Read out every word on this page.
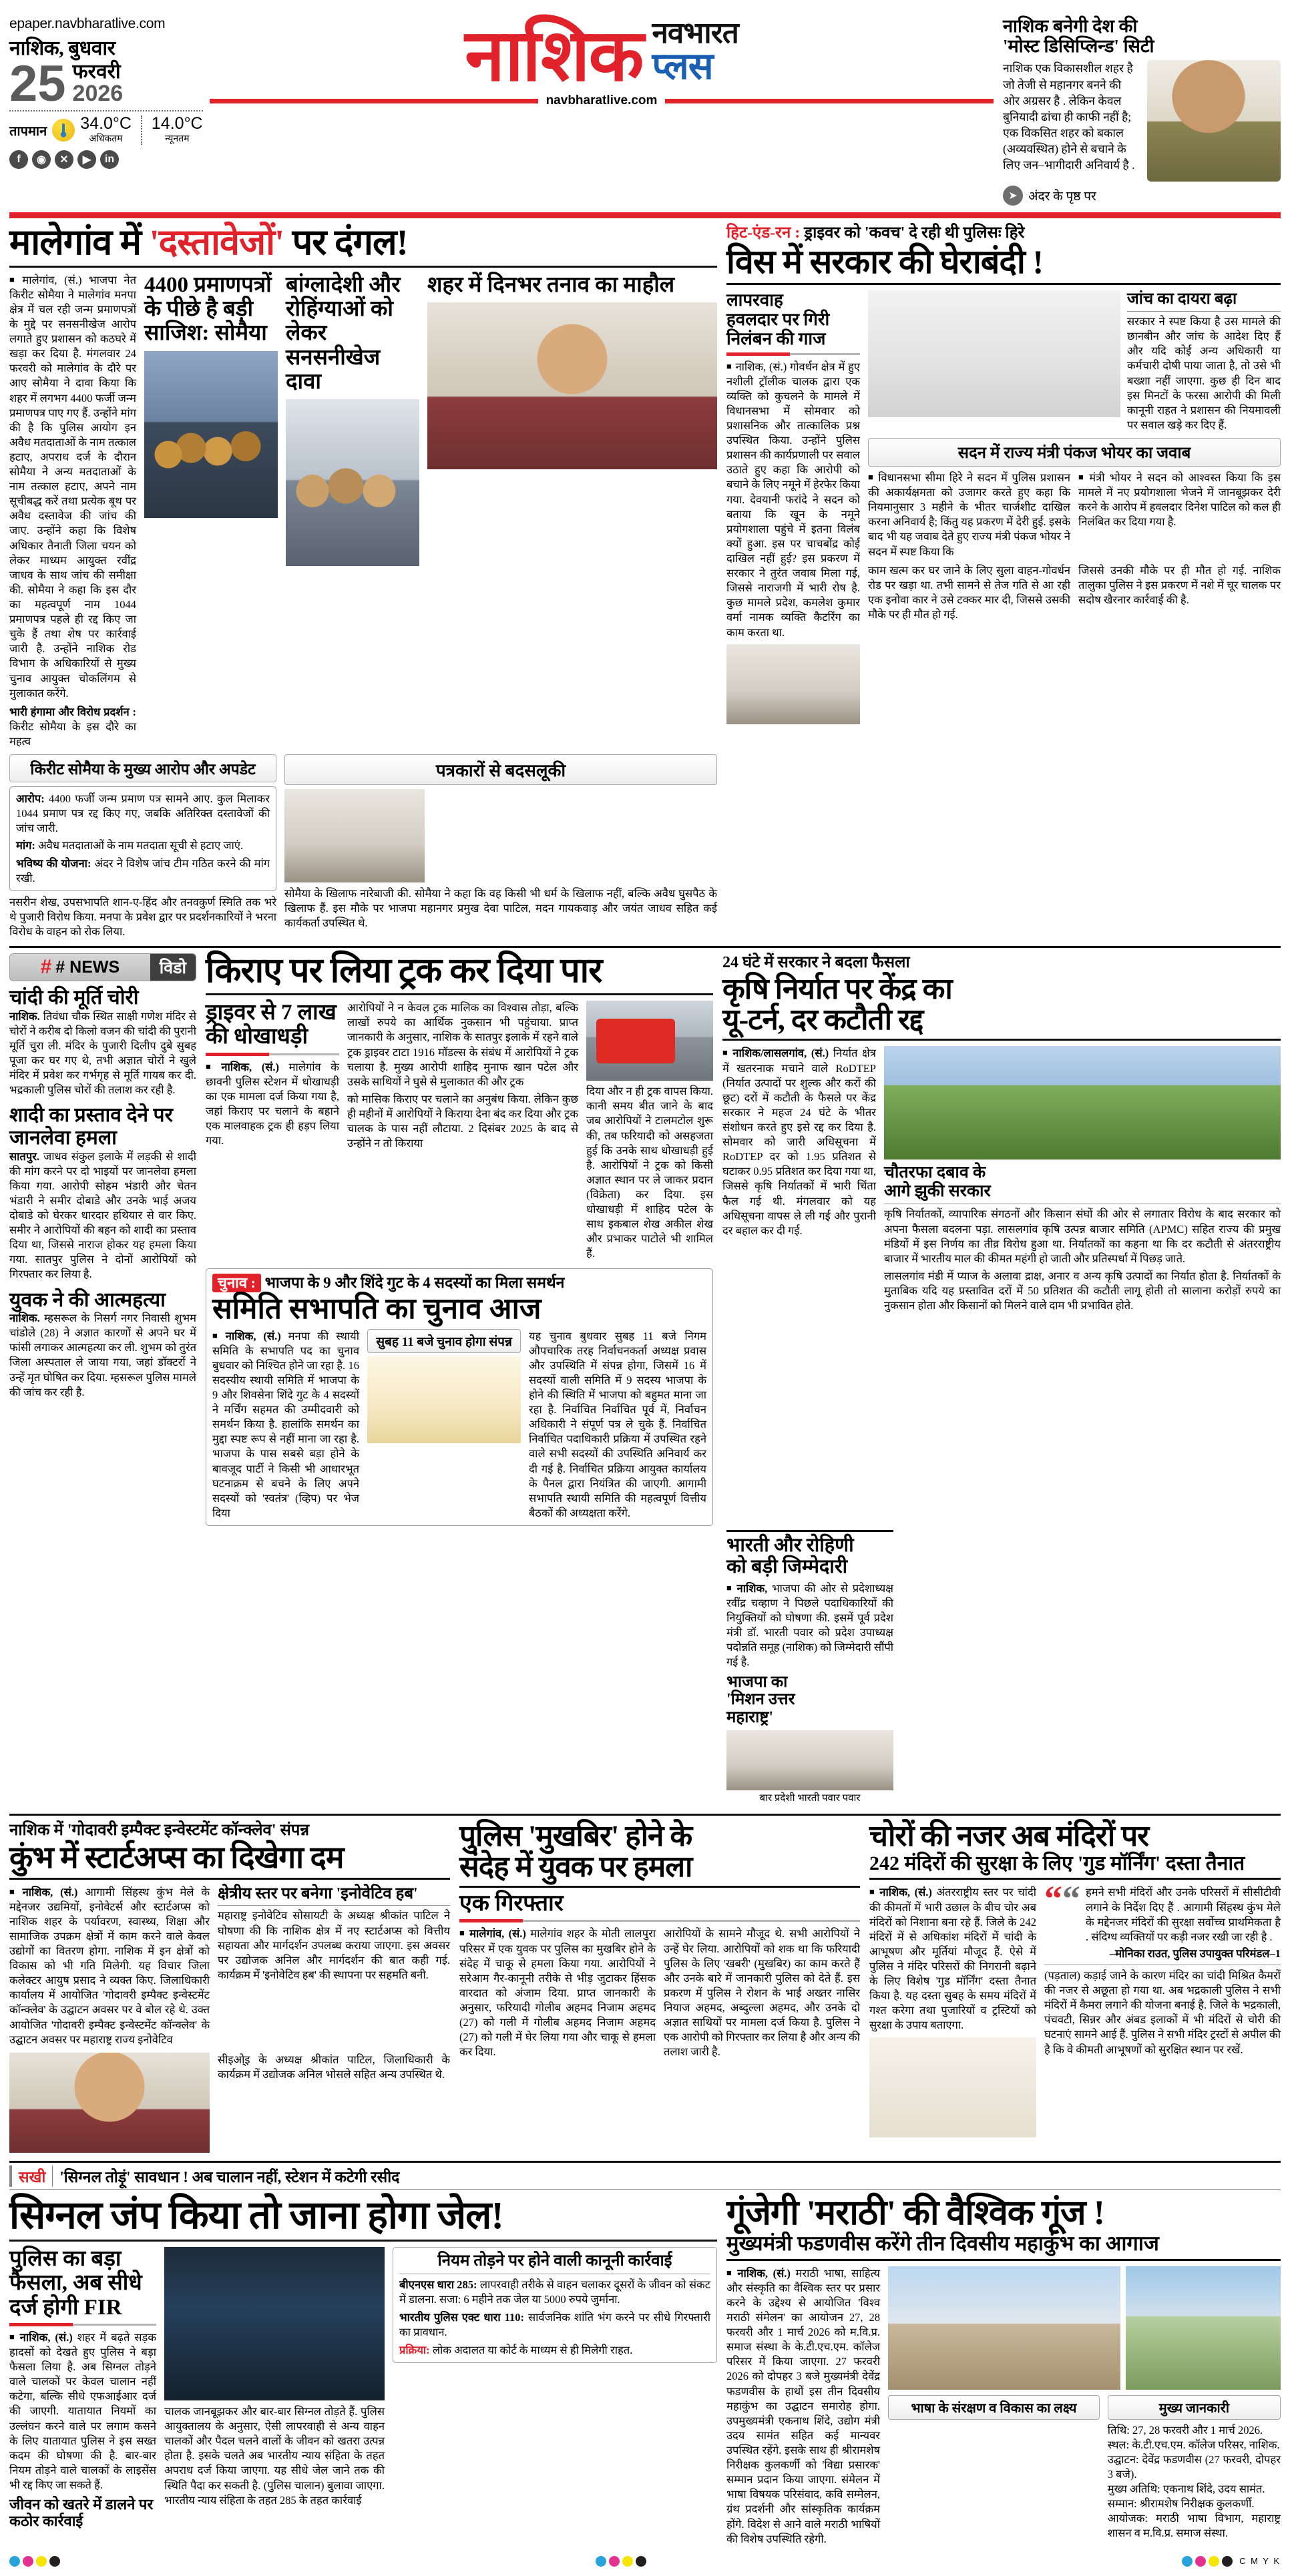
epaper.navbharatlive.com
नाशिक, बुधवार
25 फरवरी
2026
तापमान 34.0°C
अधिकतम
14.0°C
न्यूनतम
f	◉	✕	▶	in
नाशिक नवभारत
प्लस
navbharatlive.com
नाशिक बनेगी देश की
'मोस्ट डिसिप्लिन्ड' सिटी
नाशिक एक विकासशील शहर है जो तेजी से महानगर बनने की ओर अग्रसर है . लेकिन केवल बुनियादी ढांचा ही काफी नहीं है; एक विकसित शहर को बकाल (अव्यवस्थित) होने से बचाने के लिए जन–भागीदारी अनिवार्य है .
➤ अंदर के पृष्ठ पर
मालेगांव में 'दस्तावेजों' पर दंगल!
■ मालेगांव, (सं.) भाजपा नेत किरीट सोमैया ने मालेगांव मनपा क्षेत्र में चल रही जन्म प्रमाणपत्रों के मुद्दे पर सनसनीखेज आरोप लगाते हुए प्रशासन को कठघरे में खड़ा कर दिया है. मंगलवार 24 फरवरी को मालेगांव के दौरे पर आए सोमैया ने दावा किया कि शहर में लगभग 4400 फर्जी जन्म प्रमाणपत्र पाए गए हैं. उन्होंने मांग की है कि पुलिस आयोग इन अवैध मतदाताओं के नाम तत्काल हटाए, अपराध दर्ज के दौरान सोमैया ने अन्य मतदाताओं के नाम तत्काल हटाए, अपने नाम सूचीबद्ध करें तथा प्रत्येक बूथ पर अवैध दस्तावेज की जांच की जाए. उन्होंने कहा कि विशेष अधिकार तैनाती जिला चयन को लेकर माध्यम आयुक्त रवींद्र जाधव के साथ जांच की समीक्षा की. सोमैया ने कहा कि इस दौर का महत्वपूर्ण नाम 1044 प्रमाणपत्र पहले ही रद्द किए जा चुके हैं तथा शेष पर कार्रवाई जारी है. उन्होंने नाशिक रोड विभाग के अधिकारियों से मुख्य चुनाव आयुक्त चोकलिंगम से मुलाकात करेंगे.
भारी हंगामा और विरोध प्रदर्शन : किरीट सोमैया के इस दौरे का महत्व
4400 प्रमाणपत्रों के पीछे है बड़ी साजिश: सोमैया
बांग्लादेशी और रोहिंग्याओं को लेकर सनसनीखेज दावा
शहर में दिनभर तनाव का माहौल
किरीट सोमैया के मुख्य आरोप और अपडेट
आरोप: 4400 फर्जी जन्म प्रमाण पत्र सामने आए. कुल मिलाकर 1044 प्रमाण पत्र रद्द किए गए, जबकि अतिरिक्त दस्तावेजों की जांच जारी.
मांग: अवैध मतदाताओं के नाम मतदाता सूची से हटाए जाएं.
भविष्य की योजना: अंदर ने विशेष जांच टीम गठित करने की मांग रखी.
नसरीन शेख, उपसभापति शान-ए-हिंद और तनवकुर्ण स्मिति तक भरे थे पुजारी विरोध किया. मनपा के प्रवेश द्वार पर प्रदर्शनकारियों ने भरना विरोध के वाहन को रोक लिया.
पत्रकारों से बदसलूकी
सोमैया के खिलाफ नारेबाजी की. सोमैया ने कहा कि वह किसी भी धर्म के खिलाफ नहीं, बल्कि अवैध घुसपैठ के खिलाफ हैं. इस मौके पर भाजपा महानगर प्रमुख देवा पाटिल, मदन गायकवाड़ और जयंत जाधव सहित कई कार्यकर्ता उपस्थित थे.
हिट-एंड-रन : ड्राइवर को 'कवच' दे रही थी पुलिसः हिरे
विस में सरकार की घेराबंदी !
लापरवाह
हवलदार पर गिरी
निलंबन की गाज
■ नाशिक, (सं.) गोवर्धन क्षेत्र में हुए नशीली ट्रॉलीक चालक द्वारा एक व्यक्ति को कुचलने के मामले में विधानसभा में सोमवार को प्रशासनिक और तात्कालिक प्रश्न उपस्थित किया. उन्होंने पुलिस प्रशासन की कार्यप्रणाली पर सवाल उठाते हुए कहा कि आरोपी को बचाने के लिए नमूने में हेरफेर किया गया. देवयानी फरांदे ने सदन को बताया कि खून के नमूने प्रयोगशाला पहुंचे में इतना विलंब क्यों हुआ. इस पर चाचबोंद्र कोई दाखिल नहीं हुई? इस प्रकरण में सरकार ने तुरंत जवाब मिला गई, जिससे नाराजगी में भारी रोष है. कुछ मामले प्रदेश, कमलेश कुमार वर्मा नामक व्यक्ति कैटरिंग का काम करता था.
जांच का दायरा बढ़ा
सरकार ने स्पष्ट किया है उस मामले की छानबीन और जांच के आदेश दिए हैं और यदि कोई अन्य अधिकारी या कर्मचारी दोषी पाया जाता है, तो उसे भी बख्शा नहीं जाएगा. कुछ ही दिन बाद इस मिनटों के फरसा आरोपी की मिली कानूनी राहत ने प्रशासन की नियमावली पर सवाल खड़े कर दिए हैं.
सदन में राज्य मंत्री पंकज भोयर का जवाब
■ विधानसभा सीमा हिरे ने सदन में पुलिस प्रशासन की अकार्यक्षमता को उजागर करते हुए कहा कि नियमानुसार 3 महीने के भीतर चार्जशीट दाखिल करना अनिवार्य है; किंतु यह प्रकरण में देरी हुई. इसके बाद भी यह जवाब देते हुए राज्य मंत्री पंकज भोयर ने सदन में स्पष्ट किया कि
■ मंत्री भोयर ने सदन को आश्वस्त किया कि इस मामले में नए प्रयोगशाला भेजने में जानबूझकर देरी करने के आरोप में हवलदार दिनेश पाटिल को कल ही निलंबित कर दिया गया है.
काम खत्म कर घर जाने के लिए सुला वाहन-गोवर्धन रोड पर खड़ा था. तभी सामने से तेज गति से आ रही एक इनोवा कार ने उसे टक्कर मार दी, जिससे उसकी मौके पर ही मौत हो गई.
जिससे उनकी मौके पर ही मौत हो गई. नाशिक तालुका पुलिस ने इस प्रकरण में नशे में चूर चालक पर सदोष खैरनार कार्रवाई की है.
# # NEWS	विडो
चांदी की मूर्ति चोरी
नाशिक. तिवंधा चौक स्थित साक्षी गणेश मंदिर से चोरों ने करीब दो किलो वजन की चांदी की पुरानी मूर्ति चुरा ली. मंदिर के पुजारी दिलीप दुबे सुबह पूजा कर घर गए थे, तभी अज्ञात चोरों ने खुले मंदिर में प्रवेश कर गर्भगृह से मूर्ति गायब कर दी. भद्रकाली पुलिस चोरों की तलाश कर रही है.
शादी का प्रस्ताव देने पर जानलेवा हमला
सातपुर. जाधव संकुल इलाके में लड़की से शादी की मांग करने पर दो भाइयों पर जानलेवा हमला किया गया. आरोपी सोहम भंडारी और चेतन भंडारी ने समीर दोबाडे और उनके भाई अजय दोबाडे को घेरकर धारदार हथियार से वार किए. समीर ने आरोपियों की बहन को शादी का प्रस्ताव दिया था, जिससे नाराज होकर यह हमला किया गया. सातपुर पुलिस ने दोनों आरोपियों को गिरफ्तार कर लिया है.
युवक ने की आत्महत्या
नाशिक. म्हसरूल के निसर्ग नगर निवासी शुभम चांडोले (28) ने अज्ञात कारणों से अपने घर में फांसी लगाकर आत्महत्या कर ली. शुभम को तुरंत जिला अस्पताल ले जाया गया, जहां डॉक्टरों ने उन्हें मृत घोषित कर दिया. म्हसरूल पुलिस मामले की जांच कर रही है.
किराए पर लिया ट्रक कर दिया पार
ड्राइवर से 7 लाख
की धोखाधड़ी
■ नाशिक, (सं.) मालेगांव के छावनी पुलिस स्टेशन में धोखाधड़ी का एक मामला दर्ज किया गया है, जहां किराए पर चलाने के बहाने एक मालवाहक ट्रक ही हड़प लिया गया.
आरोपियों ने न केवल ट्रक मालिक का विश्वास तोड़ा, बल्कि लाखों रुपये का आर्थिक नुकसान भी पहुंचाया. प्राप्त जानकारी के अनुसार, नाशिक के सातपुर इलाके में रहने वाले ट्रक ड्राइवर टाटा 1916 मॉडल्स के संबंध में आरोपियों ने ट्रक चलाया है. मुख्य आरोपी शाहिद मुनाफ खान पटेल और उसके साथियों ने घुसे से मुलाकात की और ट्रक
को मासिक किराए पर चलाने का अनुबंध किया. लेकिन कुछ ही महीनों में आरोपियों ने किराया देना बंद कर दिया और ट्रक चालक के पास नहीं लौटाया. 2 दिसंबर 2025 के बाद से उन्होंने न तो किराया
दिया और न ही ट्रक वापस किया. कानी समय बीत जाने के बाद जब आरोपियों ने टालमटोल शुरू की, तब फरियादी को असहजता हुई कि उनके साथ धोखाधड़ी हुई है. आरोपियों ने ट्रक को किसी अज्ञात स्थान पर ले जाकर प्रदान (विक्रेता) कर दिया. इस धोखाधड़ी में शाहिद पटेल के साथ इकबाल शेख अकील शेख और प्रभाकर पाटोले भी शामिल हैं.
चुनाव : भाजपा के 9 और शिंदे गुट के 4 सदस्यों का मिला समर्थन
समिति सभापति का चुनाव आज
■ नाशिक, (सं.) मनपा की स्थायी समिति के सभापति पद का चुनाव बुधवार को निश्चित होने जा रहा है. 16 सदस्यीय स्थायी समिति में भाजपा के 9 और शिवसेना शिंदे गुट के 4 सदस्यों ने मर्चिंग सहमत की उम्मीदवारी को समर्थन किया है. हालांकि समर्थन का मुद्दा स्पष्ट रूप से नहीं माना जा रहा है. भाजपा के पास सबसे बड़ा होने के बावजूद पार्टी ने किसी भी आधारभूत घटनाक्रम से बचने के लिए अपने सदस्यों को 'स्वतंत्र' (व्हिप) पर भेज दिया
सुबह 11 बजे चुनाव होगा संपन्न	यह चुनाव बुधवार सुबह 11 बजे निगम औपचारिक तरह निर्वाचनकर्ता अध्यक्ष प्रवास और उपस्थिति में संपन्न होगा, जिसमें 16 में सदस्यों वाली समिति में 9 सदस्य भाजपा के होने की स्थिति में भाजपा को बहुमत माना जा रहा है. निर्वाचित निर्वाचित पूर्व में, निर्वाचन अधिकारी ने संपूर्ण पत्र ले चुके हैं. निर्वाचित निर्वाचित पदाधिकारी प्रक्रिया में उपस्थित रहने वाले सभी सदस्यों की उपस्थिति अनिवार्य कर दी गई है. निर्वाचित प्रक्रिया आयुक्त कार्यालय के पैनल द्वारा नियंत्रित की जाएगी. आगामी सभापति स्थायी समिति की महत्वपूर्ण वित्तीय बैठकों की अध्यक्षता करेंगे.
24 घंटे में सरकार ने बदला फैसला
कृषि निर्यात पर केंद्र का
यू-टर्न, दर कटौती रद्द
■ नाशिक/लासलगांव, (सं.) निर्यात क्षेत्र में खतरनाक मचाने वाले RoDTEP (निर्यात उत्पादों पर शुल्क और करों की छूट) दरों में कटौती के फैसले पर केंद्र सरकार ने महज 24 घंटे के भीतर संशोधन करते हुए इसे रद्द कर दिया है. सोमवार को जारी अधिसूचना में RoDTEP दर को 1.95 प्रतिशत से घटाकर 0.95 प्रतिशत कर दिया गया था, जिससे कृषि निर्यातकों में भारी चिंता फैल गई थी. मंगलवार को यह अधिसूचना वापस ले ली गई और पुरानी दर बहाल कर दी गई.
चौतरफा दबाव के
आगे झुकी सरकार
कृषि निर्यातकों, व्यापारिक संगठनों और किसान संघों की ओर से लगातार विरोध के बाद सरकार को अपना फैसला बदलना पड़ा. लासलगांव कृषि उत्पन्न बाजार समिति (APMC) सहित राज्य की प्रमुख मंडियों में इस निर्णय का तीव्र विरोध हुआ था. निर्यातकों का कहना था कि दर कटौती से अंतरराष्ट्रीय बाजार में भारतीय माल की कीमत महंगी हो जाती और प्रतिस्पर्धा में पिछड़ जाते.
लासलगांव मंडी में प्याज के अलावा द्राक्ष, अनार व अन्य कृषि उत्पादों का निर्यात होता है. निर्यातकों के मुताबिक यदि यह प्रस्तावित दरों में 50 प्रतिशत की कटौती लागू होती तो सालाना करोड़ों रुपये का नुकसान होता और किसानों को मिलने वाले दाम भी प्रभावित होते.
भारती और रोहिणी
को बड़ी जिम्मेदारी
■ नाशिक, भाजपा की ओर से प्रदेशाध्यक्ष रवींद्र चव्हाण ने पिछले पदाधिकारियों की नियुक्तियों को घोषणा की. इसमें पूर्व प्रदेश मंत्री डॉ. भारती पवार को प्रदेश उपाध्यक्ष पदोन्नति समूह (नाशिक) को जिम्मेदारी सौंपी गई है.
भाजपा का
'मिशन उत्तर
महाराष्ट्र'
बार प्रदेशी भारती पवार पवार
नाशिक में 'गोदावरी इम्पैक्ट इन्वेस्टमेंट कॉन्क्लेव' संपन्न
कुंभ में स्टार्टअप्स का दिखेगा दम
■ नाशिक, (सं.) आगामी सिंहस्थ कुंभ मेले के मद्देनजर उद्यमियों, इनोवेटर्स और स्टार्टअप्स को नाशिक शहर के पर्यावरण, स्वास्थ्य, शिक्षा और सामाजिक उपक्रम क्षेत्रों में काम करने वाले केवल उद्योगों का वितरण होगा. नाशिक में इन क्षेत्रों को विकास को भी गति मिलेगी. यह विचार जिला कलेक्टर आयुष प्रसाद ने व्यक्त किए. जिलाधिकारी कार्यालय में आयोजित 'गोदावरी इम्पैक्ट इन्वेस्टमेंट कॉन्क्लेव' के उद्घाटन अवसर पर वे बोल रहे थे. उक्त आयोजित 'गोदावरी इम्पैक्ट इन्वेस्टमेंट कॉन्क्लेव' के उद्घाटन अवसर पर महाराष्ट्र राज्य इनोवेटिव
क्षेत्रीय स्तर पर बनेगा 'इनोवेटिव हब'
महाराष्ट्र इनोवेटिव सोसायटी के अध्यक्ष श्रीकांत पाटिल ने घोषणा की कि नाशिक क्षेत्र में नए स्टार्टअप्स को वित्तीय सहायता और मार्गदर्शन उपलब्ध कराया जाएगा. इस अवसर पर उद्योजक अनिल और मार्गदर्शन की बात कही गई. कार्यक्रम में 'इनोवेटिव हब' की स्थापना पर सहमति बनी.
सीइओ्इ के अध्यक्ष श्रीकांत पाटिल, जिलाधिकारी के कार्यक्रम में उद्योजक अनिल भोसले सहित अन्य उपस्थित थे.
पुलिस 'मुखबिर' होने के
संदेह में युवक पर हमला
एक गिरफ्तार
■ मालेगांव, (सं.) मालेगांव शहर के मोती लालपुरा परिसर में एक युवक पर पुलिस का मुखबिर होने के संदेह में चाकू से हमला किया गया. आरोपियों ने सरेआम गैर-कानूनी तरीके से भीड़ जुटाकर हिंसक वारदात को अंजाम दिया. प्राप्त जानकारी के अनुसार, फरियादी गोलीब अहमद निजाम अहमद (27) को गली में गोलीब अहमद निजाम अहमद (27) को गली में घेर लिया गया और चाकू से हमला कर दिया.
आरोपियों के सामने मौजूद थे. सभी आरोपियों ने उन्हें घेर लिया. आरोपियों को शक था कि फरियादी पुलिस के लिए 'खबरी' (मुखबिर) का काम करते हैं और उनके बारे में जानकारी पुलिस को देते हैं. इस प्रकरण में पुलिस ने रोशन के भाई अख्तर नासिर नियाज अहमद, अब्दुल्ला अहमद, और उनके दो अज्ञात साथियों पर मामला दर्ज किया है. पुलिस ने एक आरोपी को गिरफ्तार कर लिया है और अन्य की तलाश जारी है.
चोरों की नजर अब मंदिरों पर
242 मंदिरों की सुरक्षा के लिए 'गुड मॉर्निंग' दस्ता तैनात
■ नाशिक, (सं.) अंतरराष्ट्रीय स्तर पर चांदी की कीमतों में भारी उछाल के बीच चोर अब मंदिरों को निशाना बना रहे हैं. जिले के 242 मंदिरों में से अधिकांश मंदिरों में चांदी के आभूषण और मूर्तियां मौजूद हैं. ऐसे में पुलिस ने मंदिर परिसरों की निगरानी बढ़ाने के लिए विशेष 'गुड मॉर्निंग' दस्ता तैनात किया है. यह दस्ता सुबह के समय मंदिरों में गश्त करेगा तथा पुजारियों व ट्रस्टियों को सुरक्षा के उपाय बताएगा.
““ हमने सभी मंदिरों और उनके परिसरों में सीसीटीवी लगाने के निर्देश दिए हैं . आगामी सिंहस्थ कुंभ मेले के मद्देनजर मंदिरों की सुरक्षा सर्वोच्च प्राथमिकता है . संदिग्ध व्यक्तियों पर कड़ी नजर रखी जा रही है .
–मोनिका राउत, पुलिस उपायुक्त परिमंडल–1
(पड़ताल) कड़ाई जाने के कारण मंदिर का चांदी मिश्रित कैमरों की नजर से अछूता हो गया था. अब भद्रकाली पुलिस ने सभी मंदिरों में कैमरा लगाने की योजना बनाई है. जिले के भद्रकाली, पंचवटी, सिन्नर और अंबड इलाकों में भी मंदिरों से चोरी की घटनाएं सामने आई हैं. पुलिस ने सभी मंदिर ट्रस्टों से अपील की है कि वे कीमती आभूषणों को सुरक्षित स्थान पर रखें.
सखी 'सिग्नल तोड़ूं' सावधान ! अब चालान नहीं, स्टेशन में कटेगी रसीद
सिग्नल जंप किया तो जाना होगा जेल!
पुलिस का बड़ा
फैसला, अब सीधे
दर्ज होगी FIR
■ नाशिक, (सं.) शहर में बढ़ते सड़क हादसों को देखते हुए पुलिस ने बड़ा फैसला लिया है. अब सिग्नल तोड़ने वाले चालकों पर केवल चालान नहीं कटेगा, बल्कि सीधे एफआईआर दर्ज की जाएगी. यातायात नियमों का उल्लंघन करने वाले पर लगाम कसने के लिए यातायात पुलिस ने इस सख्त कदम की घोषणा की है. बार-बार नियम तोड़ने वाले चालकों के लाइसेंस भी रद्द किए जा सकते हैं.
जीवन को खतरे में डालने पर कठोर कार्रवाई
चालक जानबूझकर और बार-बार सिग्नल तोड़ते हैं. पुलिस आयुक्तालय के अनुसार, ऐसी लापरवाही से अन्य वाहन चालकों और पैदल चलने वालों के जीवन को खतरा उत्पन्न होता है. इसके चलते अब भारतीय न्याय संहिता के तहत अपराध दर्ज किया जाएगा. यह सीधे जेल जाने तक की स्थिति पैदा कर सकती है. (पुलिस चालान) बुलावा जाएगा. भारतीय न्याय संहिता के तहत 285 के तहत कार्रवाई
नियम तोड़ने पर होने वाली कानूनी कार्रवाई
बीएनएस धारा 285: लापरवाही तरीके से वाहन चलाकर दूसरों के जीवन को संकट में डालना. सजा: 6 महीने तक जेल या 5000 रुपये जुर्माना.
भारतीय पुलिस एक्ट धारा 110: सार्वजनिक शांति भंग करने पर सीधे गिरफ्तारी का प्रावधान.
प्रक्रिया: लोक अदालत या कोर्ट के माध्यम से ही मिलेगी राहत.
गूंजेगी 'मराठी' की वैश्विक गूंज !
मुख्यमंत्री फडणवीस करेंगे तीन दिवसीय महाकुंभ का आगाज
■ नाशिक, (सं.) मराठी भाषा, साहित्य और संस्कृति का वैश्विक स्तर पर प्रसार करने के उद्देश्य से आयोजित 'विश्व मराठी संमेलन' का आयोजन 27, 28 फरवरी और 1 मार्च 2026 को म.वि.प्र. समाज संस्था के के.टी.एच.एम. कॉलेज परिसर में किया जाएगा. 27 फरवरी 2026 को दोपहर 3 बजे मुख्यमंत्री देवेंद्र फडणवीस के हाथों इस तीन दिवसीय महाकुंभ का उद्घाटन समारोह होगा. उपमुख्यमंत्री एकनाथ शिंदे, उद्योग मंत्री उदय सामंत सहित कई मान्यवर उपस्थित रहेंगे. इसके साथ ही श्रीरामशेष निरीक्षक कुलकर्णी को 'विद्या प्रसारक' सम्मान प्रदान किया जाएगा. संमेलन में भाषा विषयक परिसंवाद, कवि सम्मेलन, ग्रंथ प्रदर्शनी और सांस्कृतिक कार्यक्रम होंगे. विदेश से आने वाले मराठी भाषियों की विशेष उपस्थिति रहेगी.
भाषा के संरक्षण व विकास का लक्ष्य	मुख्य जानकारी
तिथि: 27, 28 फरवरी और 1 मार्च 2026.
स्थल: के.टी.एच.एम. कॉलेज परिसर, नाशिक.
उद्घाटन: देवेंद्र फडणवीस (27 फरवरी, दोपहर 3 बजे).
मुख्य अतिथि: एकनाथ शिंदे, उदय सामंत.
सम्मान: श्रीरामशेष निरीक्षक कुलकर्णी.
आयोजक: मराठी भाषा विभाग, महाराष्ट्र शासन व म.वि.प्र. समाज संस्था.
C M Y K
